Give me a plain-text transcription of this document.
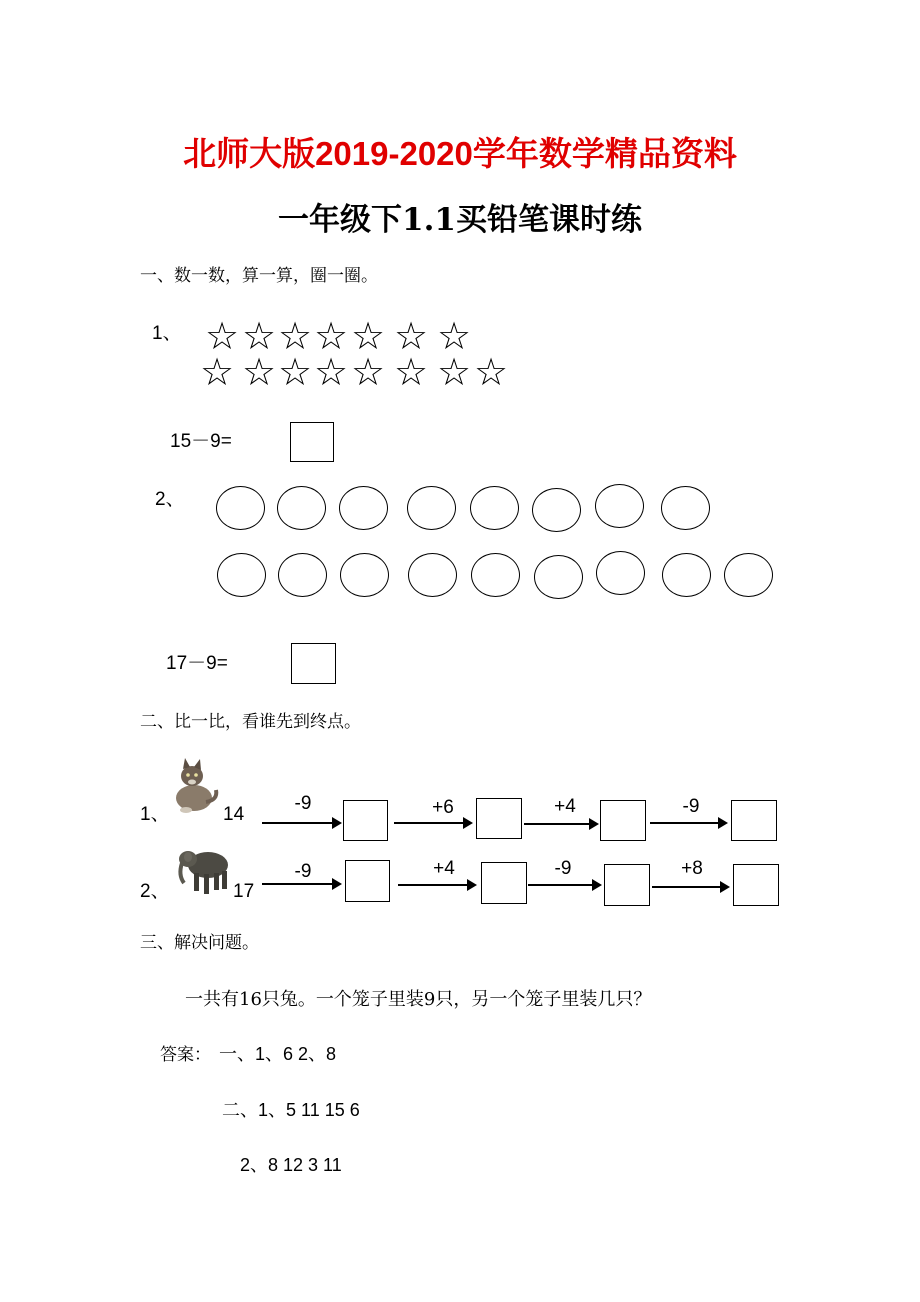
北师大版2019-2020学年数学精品资料
一年级下1.1买铅笔课时练
一、数一数，算一算，圈一圈。
1、 ☆ ☆ ☆ ☆ ☆ ☆ ☆
☆ ☆ ☆ ☆ ☆ ☆ ☆ ☆
15－9=
2、
17－9=
二、比一比，看谁先到终点。
1、	14
-9	+6	+4	-9
2、	17
-9	+4	-9	+8
三、解决问题。
一共有16只兔。一个笼子里装9只，另一个笼子里装几只？
答案： 一、1、6 2、8
二、1、5 11 15 6
2、8 12 3 11
